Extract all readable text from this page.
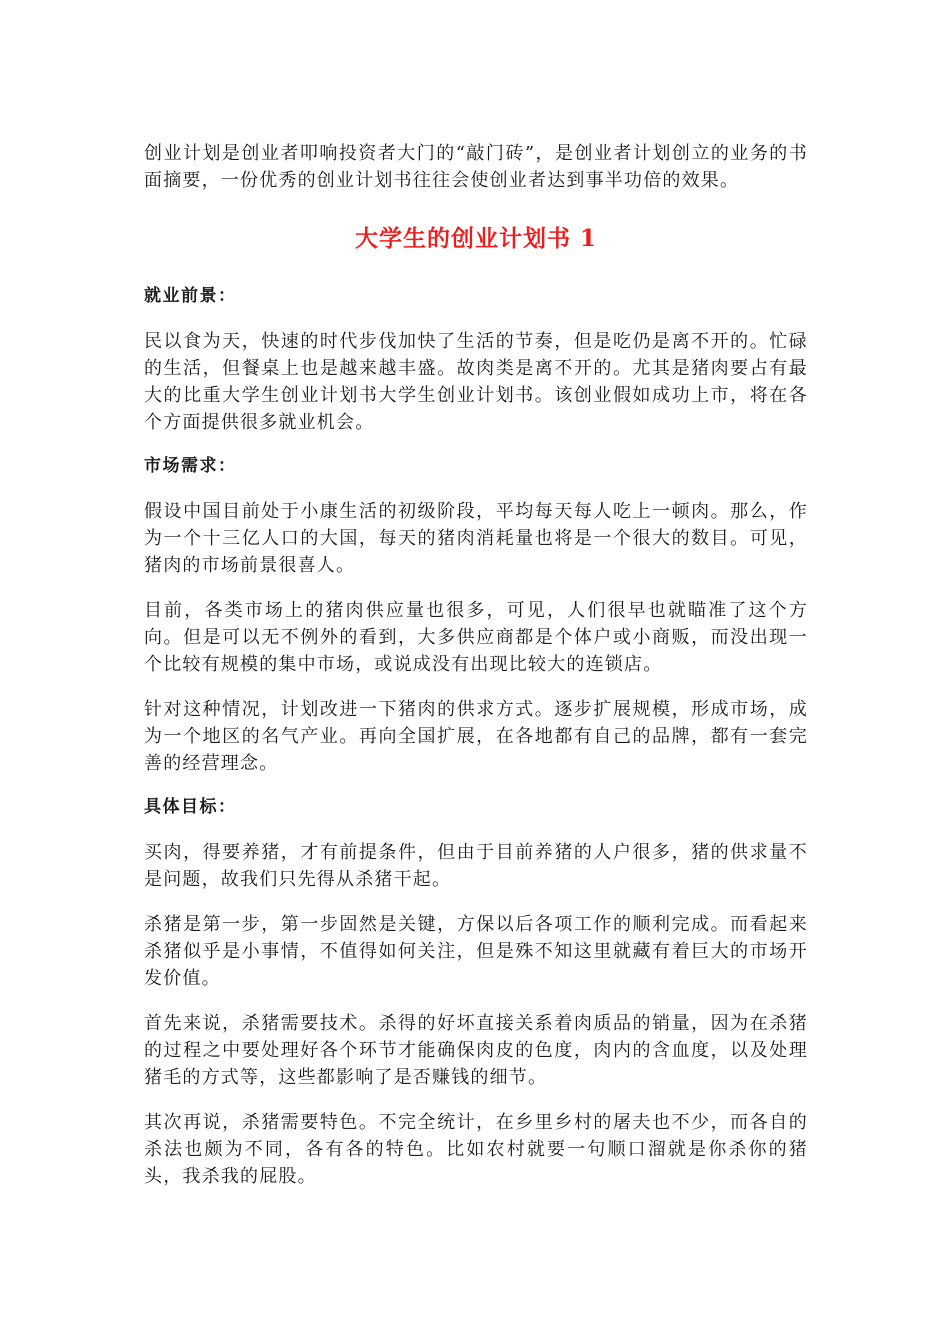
创业计划是创业者叩响投资者大门的“敲门砖”，是创业者计划创立的业务的书面摘要，一份优秀的创业计划书往往会使创业者达到事半功倍的效果。

大学生的创业计划书 1
就业前景：

民以食为天，快速的时代步伐加快了生活的节奏，但是吃仍是离不开的。忙碌的生活，但餐桌上也是越来越丰盛。故肉类是离不开的。尤其是猪肉要占有最大的比重大学生创业计划书大学生创业计划书。该创业假如成功上市，将在各个方面提供很多就业机会。

市场需求：

假设中国目前处于小康生活的初级阶段，平均每天每人吃上一顿肉。那么，作为一个十三亿人口的大国，每天的猪肉消耗量也将是一个很大的数目。可见，猪肉的市场前景很喜人。

目前，各类市场上的猪肉供应量也很多，可见，人们很早也就瞄准了这个方向。但是可以无不例外的看到，大多供应商都是个体户或小商贩，而没出现一个比较有规模的集中市场，或说成没有出现比较大的连锁店。

针对这种情况，计划改进一下猪肉的供求方式。逐步扩展规模，形成市场，成为一个地区的名气产业。再向全国扩展，在各地都有自己的品牌，都有一套完善的经营理念。

具体目标：

买肉，得要养猪，才有前提条件，但由于目前养猪的人户很多，猪的供求量不是问题，故我们只先得从杀猪干起。

杀猪是第一步，第一步固然是关键，方保以后各项工作的顺利完成。而看起来杀猪似乎是小事情，不值得如何关注，但是殊不知这里就藏有着巨大的市场开发价值。

首先来说，杀猪需要技术。杀得的好坏直接关系着肉质品的销量，因为在杀猪的过程之中要处理好各个环节才能确保肉皮的色度，肉内的含血度，以及处理猪毛的方式等，这些都影响了是否赚钱的细节。

其次再说，杀猪需要特色。不完全统计，在乡里乡村的屠夫也不少，而各自的杀法也颇为不同，各有各的特色。比如农村就要一句顺口溜就是你杀你的猪头，我杀我的屁股。
